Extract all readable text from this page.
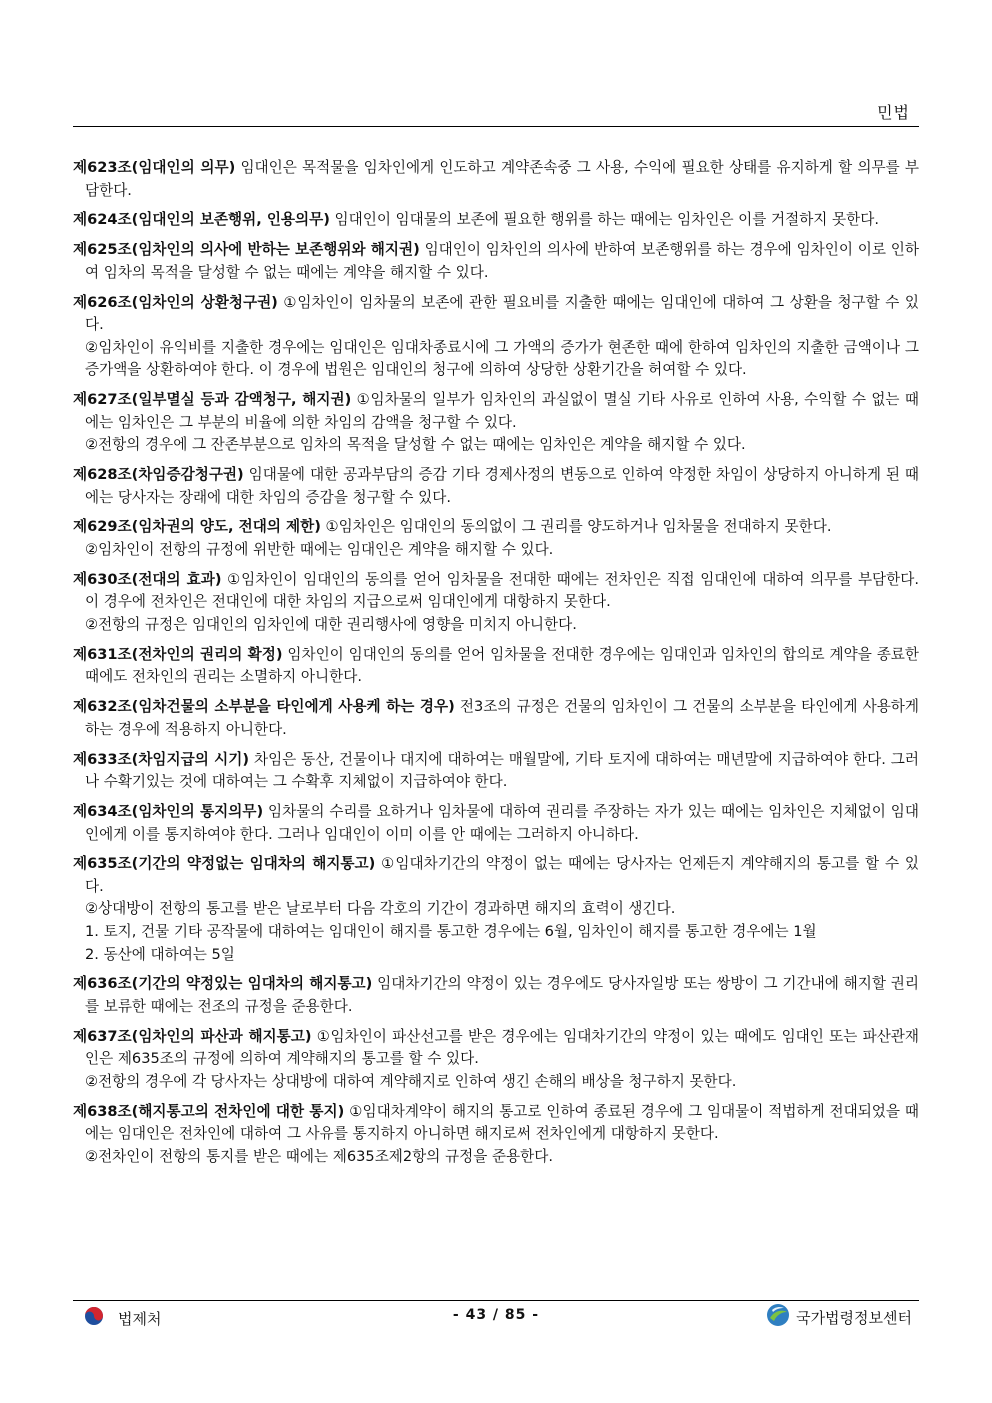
민법
제623조(임대인의 의무) 임대인은 목적물을 임차인에게 인도하고 계약존속중 그 사용, 수익에 필요한 상태를 유지하게 할 의무를 부담한다.
제624조(임대인의 보존행위, 인용의무) 임대인이 임대물의 보존에 필요한 행위를 하는 때에는 임차인은 이를 거절하지 못한다.
제625조(임차인의 의사에 반하는 보존행위와 해지권) 임대인이 임차인의 의사에 반하여 보존행위를 하는 경우에 임차인이 이로 인하여 임차의 목적을 달성할 수 없는 때에는 계약을 해지할 수 있다.
제626조(임차인의 상환청구권) ①임차인이 임차물의 보존에 관한 필요비를 지출한 때에는 임대인에 대하여 그 상환을 청구할 수 있다.
②임차인이 유익비를 지출한 경우에는 임대인은 임대차종료시에 그 가액의 증가가 현존한 때에 한하여 임차인의 지출한 금액이나 그 증가액을 상환하여야 한다. 이 경우에 법원은 임대인의 청구에 의하여 상당한 상환기간을 허여할 수 있다.
제627조(일부멸실 등과 감액청구, 해지권) ①임차물의 일부가 임차인의 과실없이 멸실 기타 사유로 인하여 사용, 수익할 수 없는 때에는 임차인은 그 부분의 비율에 의한 차임의 감액을 청구할 수 있다.
②전항의 경우에 그 잔존부분으로 임차의 목적을 달성할 수 없는 때에는 임차인은 계약을 해지할 수 있다.
제628조(차임증감청구권) 임대물에 대한 공과부담의 증감 기타 경제사정의 변동으로 인하여 약정한 차임이 상당하지 아니하게 된 때에는 당사자는 장래에 대한 차임의 증감을 청구할 수 있다.
제629조(임차권의 양도, 전대의 제한) ①임차인은 임대인의 동의없이 그 권리를 양도하거나 임차물을 전대하지 못한다.
②임차인이 전항의 규정에 위반한 때에는 임대인은 계약을 해지할 수 있다.
제630조(전대의 효과) ①임차인이 임대인의 동의를 얻어 임차물을 전대한 때에는 전차인은 직접 임대인에 대하여 의무를 부담한다. 이 경우에 전차인은 전대인에 대한 차임의 지급으로써 임대인에게 대항하지 못한다.
②전항의 규정은 임대인의 임차인에 대한 권리행사에 영향을 미치지 아니한다.
제631조(전차인의 권리의 확정) 임차인이 임대인의 동의를 얻어 임차물을 전대한 경우에는 임대인과 임차인의 합의로 계약을 종료한 때에도 전차인의 권리는 소멸하지 아니한다.
제632조(임차건물의 소부분을 타인에게 사용케 하는 경우) 전3조의 규정은 건물의 임차인이 그 건물의 소부분을 타인에게 사용하게 하는 경우에 적용하지 아니한다.
제633조(차임지급의 시기) 차임은 동산, 건물이나 대지에 대하여는 매월말에, 기타 토지에 대하여는 매년말에 지급하여야 한다. 그러나 수확기있는 것에 대하여는 그 수확후 지체없이 지급하여야 한다.
제634조(임차인의 통지의무) 임차물의 수리를 요하거나 임차물에 대하여 권리를 주장하는 자가 있는 때에는 임차인은 지체없이 임대인에게 이를 통지하여야 한다. 그러나 임대인이 이미 이를 안 때에는 그러하지 아니하다.
제635조(기간의 약정없는 임대차의 해지통고) ①임대차기간의 약정이 없는 때에는 당사자는 언제든지 계약해지의 통고를 할 수 있다.
②상대방이 전항의 통고를 받은 날로부터 다음 각호의 기간이 경과하면 해지의 효력이 생긴다.
1. 토지, 건물 기타 공작물에 대하여는 임대인이 해지를 통고한 경우에는 6월, 임차인이 해지를 통고한 경우에는 1월
2. 동산에 대하여는 5일
제636조(기간의 약정있는 임대차의 해지통고) 임대차기간의 약정이 있는 경우에도 당사자일방 또는 쌍방이 그 기간내에 해지할 권리를 보류한 때에는 전조의 규정을 준용한다.
제637조(임차인의 파산과 해지통고) ①임차인이 파산선고를 받은 경우에는 임대차기간의 약정이 있는 때에도 임대인 또는 파산관재인은 제635조의 규정에 의하여 계약해지의 통고를 할 수 있다.
②전항의 경우에 각 당사자는 상대방에 대하여 계약해지로 인하여 생긴 손해의 배상을 청구하지 못한다.
제638조(해지통고의 전차인에 대한 통지) ①임대차계약이 해지의 통고로 인하여 종료된 경우에 그 임대물이 적법하게 전대되었을 때에는 임대인은 전차인에 대하여 그 사유를 통지하지 아니하면 해지로써 전차인에게 대항하지 못한다.
②전차인이 전항의 통지를 받은 때에는 제635조제2항의 규정을 준용한다.
법제처	- 43 / 85 -	국가법령정보센터
